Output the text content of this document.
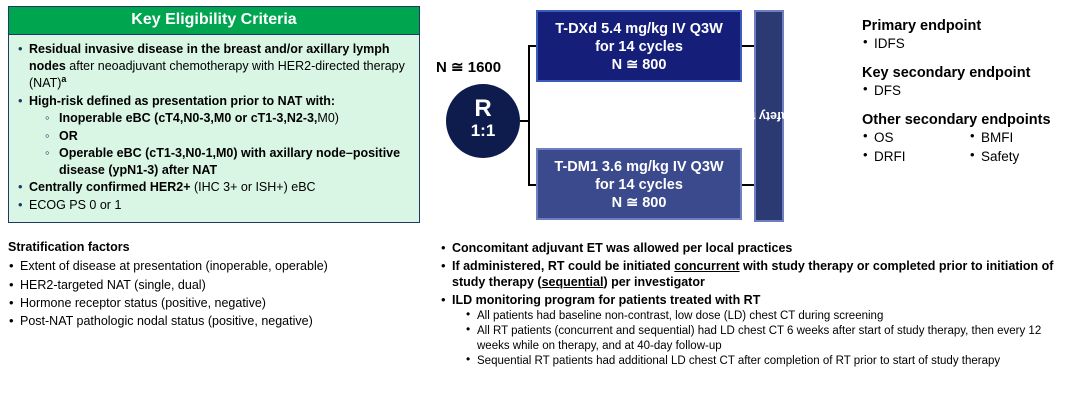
Key Eligibility Criteria
• Residual invasive disease in the breast and/or axillary lymph nodes after neoadjuvant chemotherapy with HER2-directed therapy (NAT)$^a$
• High-risk defined as presentation prior to NAT with:
◦ Inoperable eBC (cT4,N0-3,M0 or cT1-3,N2-3,M0)
◦ OR
◦ Operable eBC (cT1-3,N0-1,M0) with axillary node–positive disease (ypN1-3) after NAT
• Centrally confirmed HER2+ (IHC 3+ or ISH+) eBC
• ECOG PS 0 or 1
Stratification factors
• Extent of disease at presentation (inoperable, operable)
• HER2-targeted NAT (single, dual)
• Hormone receptor status (positive, negative)
• Post-NAT pathologic nodal status (positive, negative)
N ≅ 1600
R
1:1
T-DXd 5.4 mg/kg IV Q3W
for 14 cycles
N ≅ 800
T-DM1 3.6 mg/kg IV Q3W
for 14 cycles
N ≅ 800
40-day safety follow-up
Primary endpoint
• IDFS
Key secondary endpoint
• DFS
Other secondary endpoints
• OS
• DRFI
• BMFI
• Safety
• Concomitant adjuvant ET was allowed per local practices
• If administered, RT could be initiated concurrent with study therapy or completed prior to initiation of study therapy (sequential) per investigator
• ILD monitoring program for patients treated with RT
• All patients had baseline non-contrast, low dose (LD) chest CT during screening
• All RT patients (concurrent and sequential) had LD chest CT 6 weeks after start of study therapy, then every 12 weeks while on therapy, and at 40-day follow-up
• Sequential RT patients had additional LD chest CT after completion of RT prior to start of study therapy
